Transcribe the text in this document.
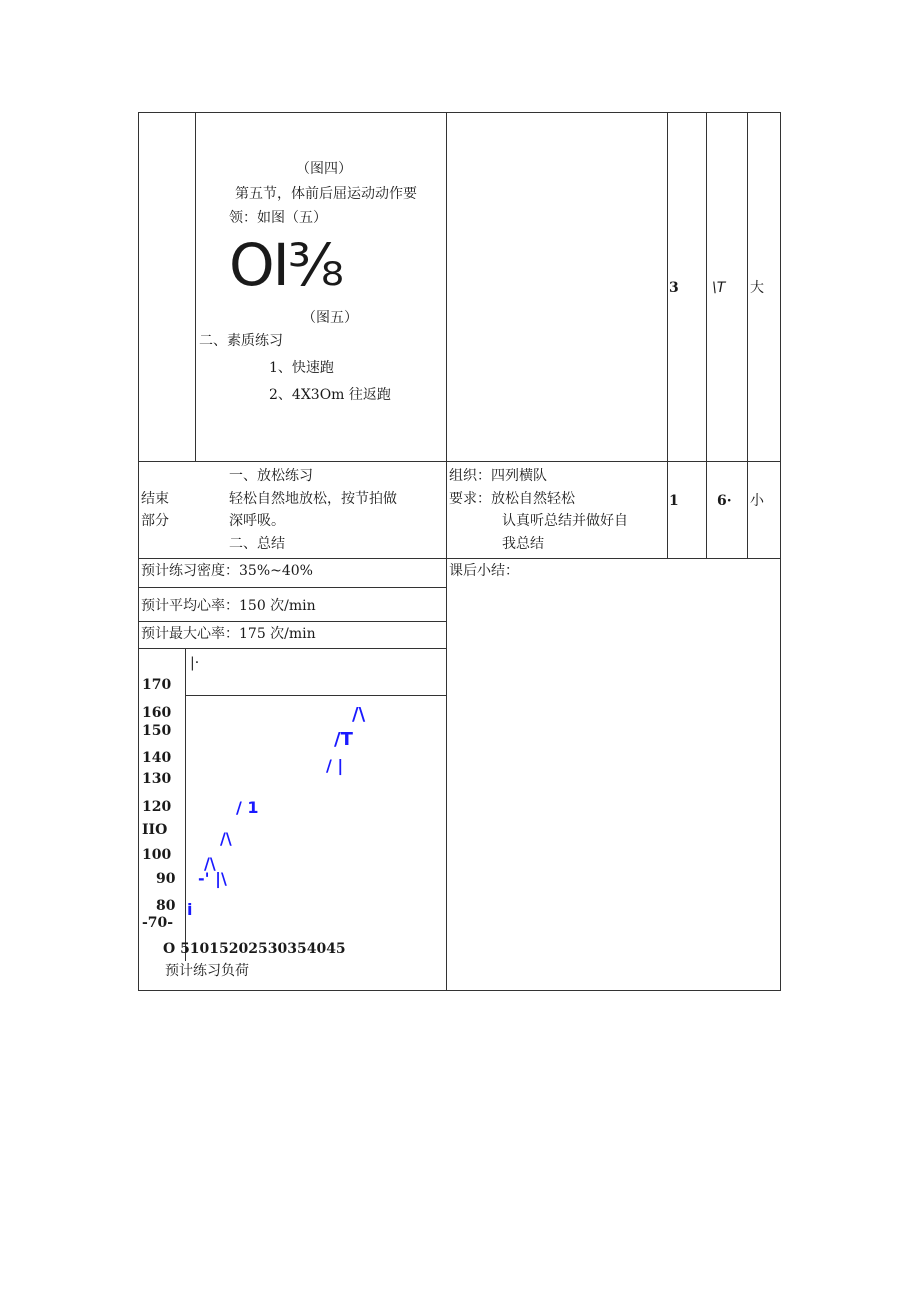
（图四）
第五节，体前后屈运动动作要
领：如图（五）
OI⅜
（图五）
二、素质练习
1、快速跑
2、4X3Om 往返跑
3 \T 大
结束
部分
一、放松练习
轻松自然地放松，按节拍做
深呼吸。
二、总结
组织：四列横队
要求：放松自然轻松
认真听总结并做好自
我总结
1	6· 小
预计练习密度：35%~40%
预计平均心率：150 次/min
预计最大心率：175 次/min
课后小结：
|·
170
160
150
140
130
120
IIO
100
90
80
-70-
/\
/T
/ |
/ 1
/\
/\
-' |\
i
O 51015202530354045
预计练习负荷
